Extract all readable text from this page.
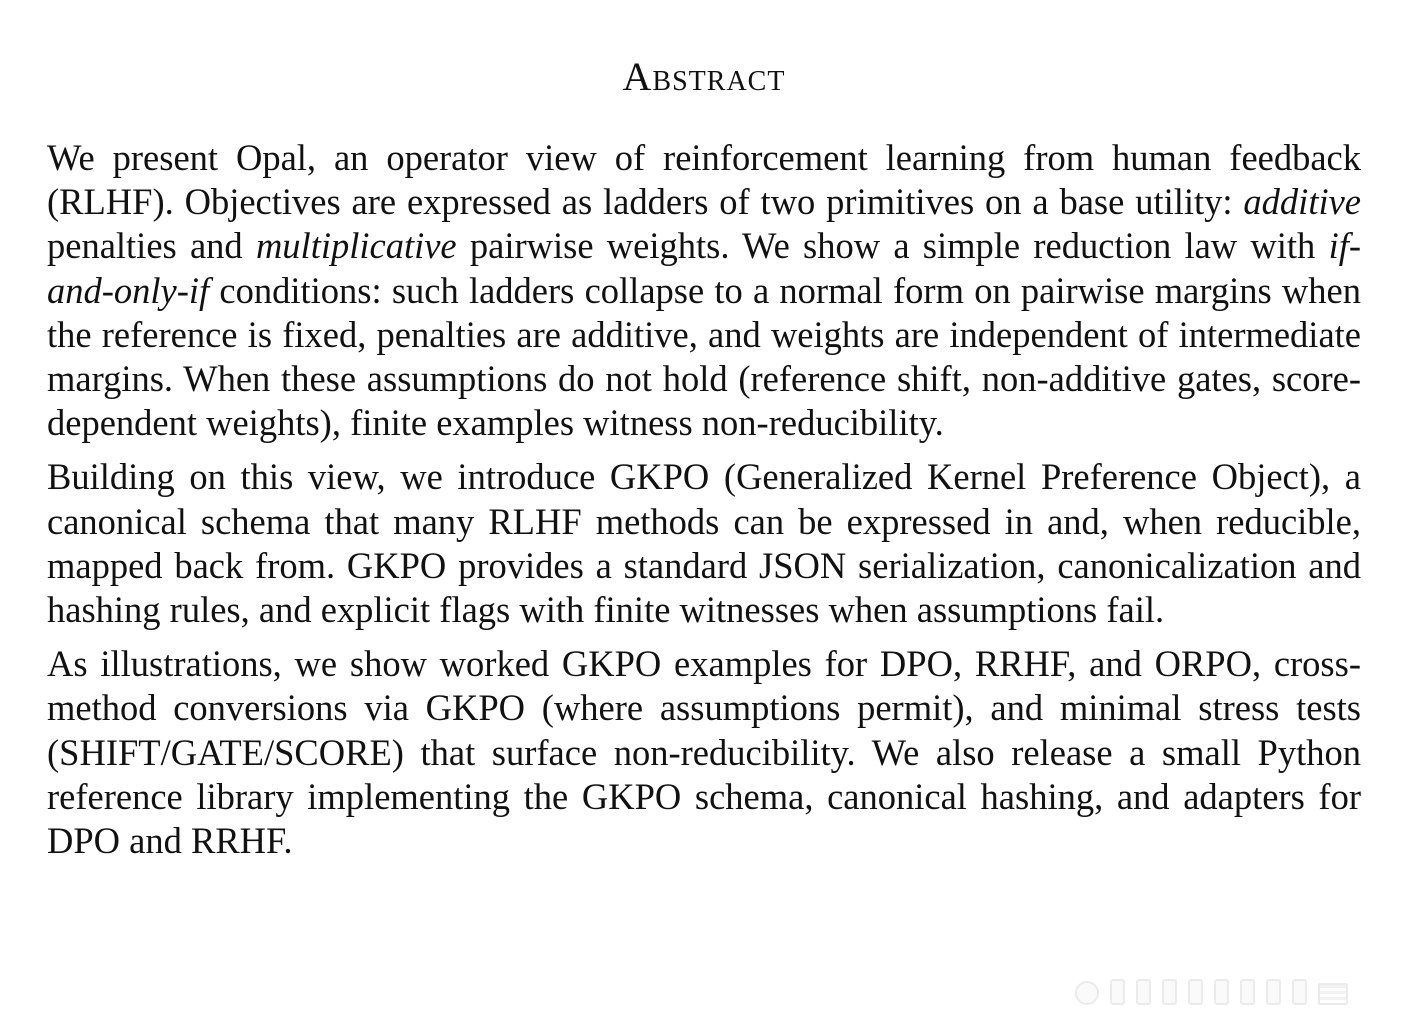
Abstract

We present Opal, an operator view of reinforcement learning from human feedback (RLHF). Objectives are expressed as ladders of two primitives on a base utility: additive penalties and multiplicative pairwise weights. We show a simple reduction law with if-and-only-if conditions: such ladders collapse to a normal form on pairwise margins when the reference is fixed, penalties are additive, and weights are independent of intermediate margins. When these assumptions do not hold (reference shift, non-additive gates, score-dependent weights), finite examples witness non-reducibility.

Building on this view, we introduce GKPO (Generalized Kernel Preference Object), a canonical schema that many RLHF methods can be expressed in and, when reducible, mapped back from. GKPO provides a standard JSON serialization, canonicalization and hashing rules, and explicit flags with finite witnesses when assumptions fail.

As illustrations, we show worked GKPO examples for DPO, RRHF, and ORPO, cross-method conversions via GKPO (where assumptions permit), and minimal stress tests (SHIFT/GATE/SCORE) that surface non-reducibility. We also release a small Python reference library implementing the GKPO schema, canonical hashing, and adapters for DPO and RRHF.
